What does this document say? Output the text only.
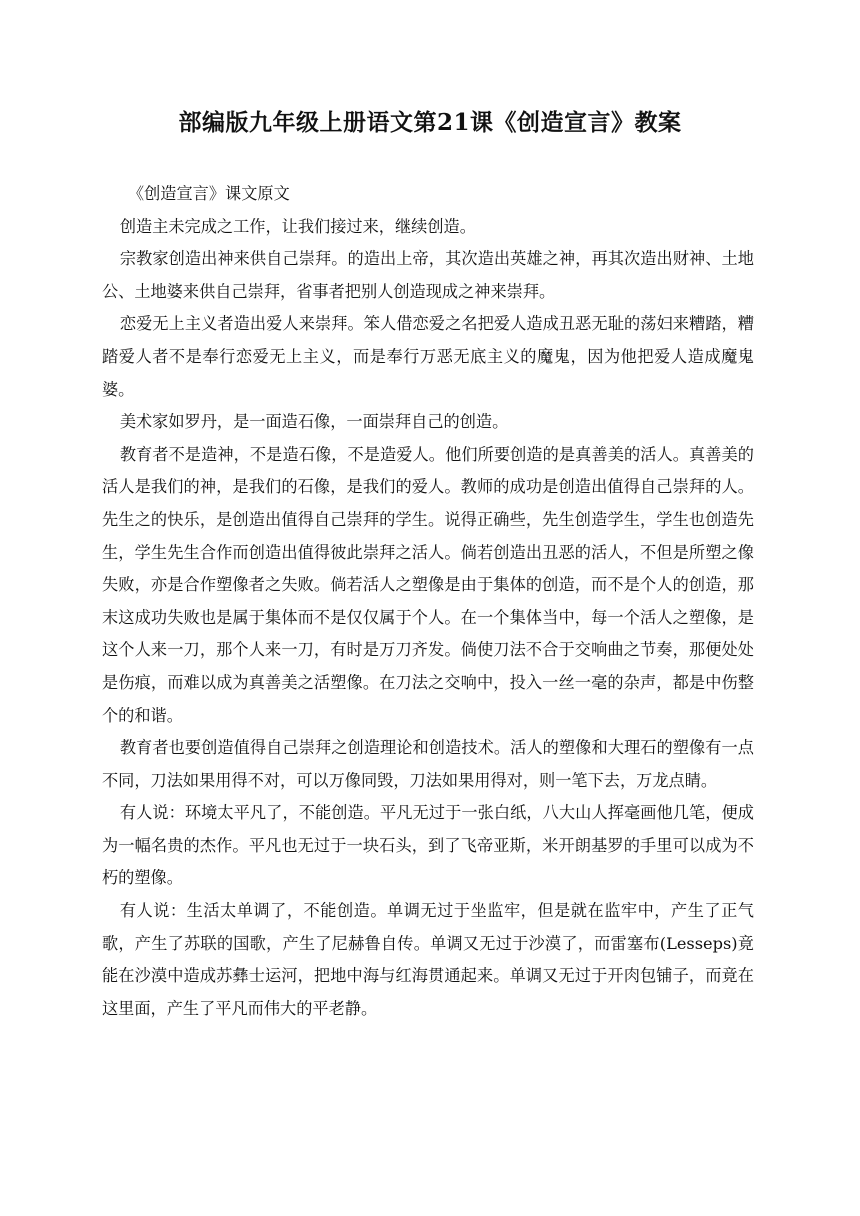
部编版九年级上册语文第21课《创造宣言》教案

《创造宣言》课文原文

创造主未完成之工作，让我们接过来，继续创造。

宗教家创造出神来供自己崇拜。的造出上帝，其次造出英雄之神，再其次造出财神、土地公、土地婆来供自己崇拜，省事者把别人创造现成之神来崇拜。

恋爱无上主义者造出爱人来崇拜。笨人借恋爱之名把爱人造成丑恶无耻的荡妇来糟踏，糟踏爱人者不是奉行恋爱无上主义，而是奉行万恶无底主义的魔鬼，因为他把爱人造成魔鬼婆。

美术家如罗丹，是一面造石像，一面崇拜自己的创造。

教育者不是造神，不是造石像，不是造爱人。他们所要创造的是真善美的活人。真善美的活人是我们的神，是我们的石像，是我们的爱人。教师的成功是创造出值得自己崇拜的人。先生之的快乐，是创造出值得自己崇拜的学生。说得正确些，先生创造学生，学生也创造先生，学生先生合作而创造出值得彼此崇拜之活人。倘若创造出丑恶的活人，不但是所塑之像失败，亦是合作塑像者之失败。倘若活人之塑像是由于集体的创造，而不是个人的创造，那末这成功失败也是属于集体而不是仅仅属于个人。在一个集体当中，每一个活人之塑像，是这个人来一刀，那个人来一刀，有时是万刀齐发。倘使刀法不合于交响曲之节奏，那便处处是伤痕，而难以成为真善美之活塑像。在刀法之交响中，投入一丝一毫的杂声，都是中伤整个的和谐。

教育者也要创造值得自己崇拜之创造理论和创造技术。活人的塑像和大理石的塑像有一点不同，刀法如果用得不对，可以万像同毁，刀法如果用得对，则一笔下去，万龙点睛。

有人说：环境太平凡了，不能创造。平凡无过于一张白纸，八大山人挥毫画他几笔，便成为一幅名贵的杰作。平凡也无过于一块石头，到了飞帝亚斯，米开朗基罗的手里可以成为不朽的塑像。

有人说：生活太单调了，不能创造。单调无过于坐监牢，但是就在监牢中，产生了正气歌，产生了苏联的国歌，产生了尼赫鲁自传。单调又无过于沙漠了，而雷塞布(Lesseps)竟能在沙漠中造成苏彝士运河，把地中海与红海贯通起来。单调又无过于开肉包铺子，而竟在这里面，产生了平凡而伟大的平老静。
